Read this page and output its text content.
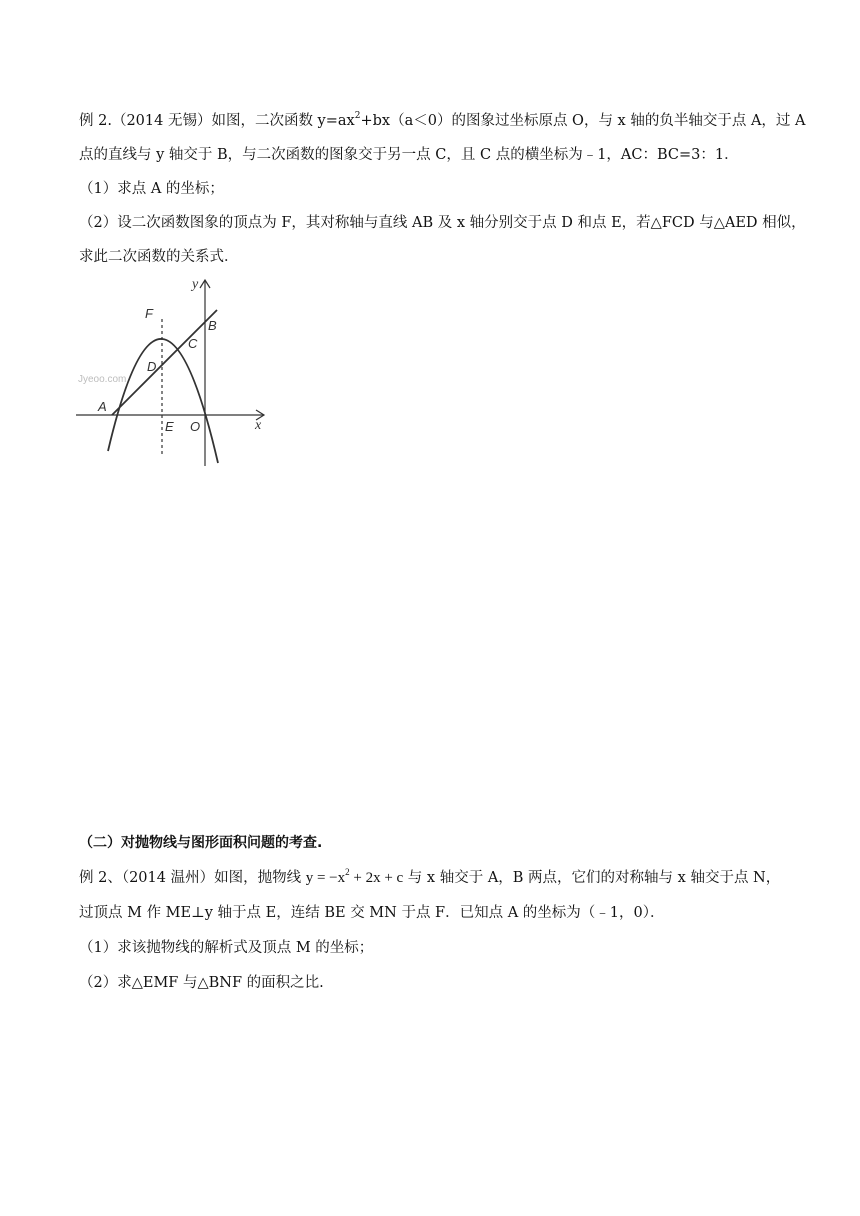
例 2.（2014 无锡）如图，二次函数 $y=ax^2+bx(a<0)$的图象过坐标原点 O，与 x 轴的负半轴交于点 A，过 A
点的直线与 y 轴交于 B，与二次函数的图象交于另一点 C，且 C 点的横坐标为﹣1，AC：BC=3：1．
（1）求点 A 的坐标；
（2）设二次函数图象的顶点为 F，其对称轴与直线 AB 及 x 轴分别交于点 D 和点 E，若△FCD 与△AED 相似，
求此二次函数的关系式．
Jyeoo.com
y
x
F
B
C
D
A
E O
（二）对抛物线与图形面积问题的考查.
例 2、（2014 温州）如图，抛物线 $y = -x^2 + 2x + c$ 与 x 轴交于 A，B 两点，它们的对称轴与 x 轴交于点 N，
过顶点 M 作 ME⊥y 轴于点 E，连结 BE 交 MN 于点 F．已知点 A 的坐标为（﹣1，0）．
（1）求该抛物线的解析式及顶点 M 的坐标；
（2）求△EMF 与△BNF 的面积之比.
